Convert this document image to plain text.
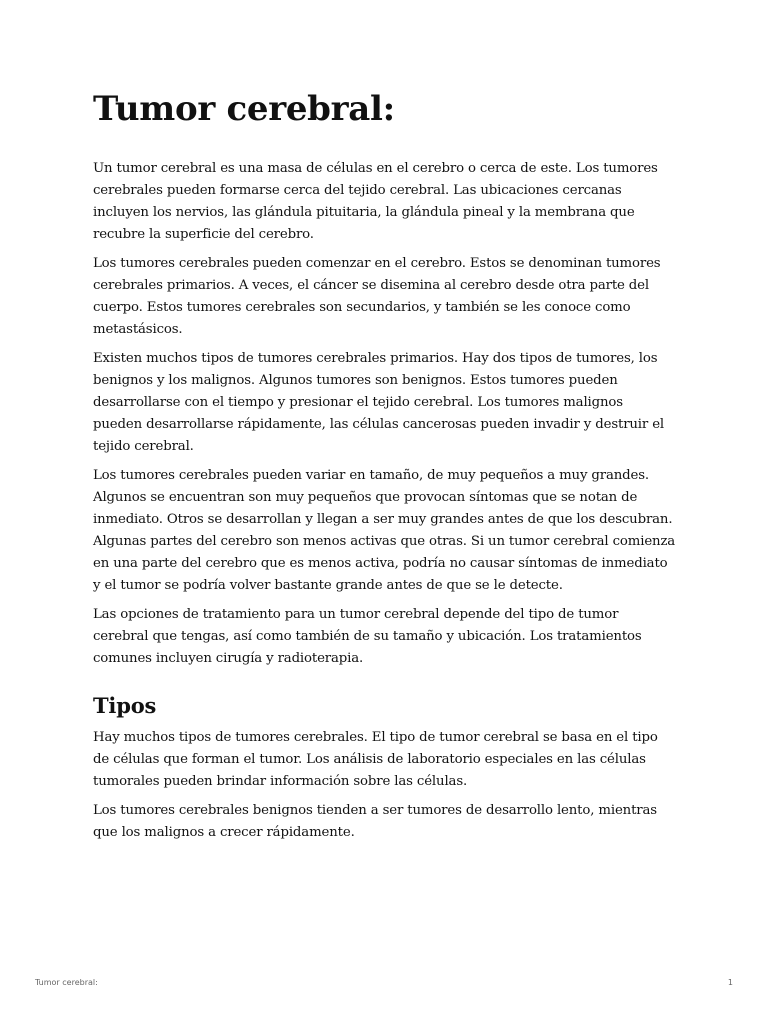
Tumor cerebral:

Un tumor cerebral es una masa de células en el cerebro o cerca de este. Los tumores cerebrales pueden formarse cerca del tejido cerebral. Las ubicaciones cercanas incluyen los nervios, las glándula pituitaria, la glándula pineal y la membrana que recubre la superficie del cerebro.

Los tumores cerebrales pueden comenzar en el cerebro. Estos se denominan tumores cerebrales primarios. A veces, el cáncer se disemina al cerebro desde otra parte del cuerpo. Estos tumores cerebrales son secundarios, y también se les conoce como metastásicos.

Existen muchos tipos de tumores cerebrales primarios. Hay dos tipos de tumores, los benignos y los malignos. Algunos tumores son benignos. Estos tumores pueden desarrollarse con el tiempo y presionar el tejido cerebral. Los tumores malignos pueden desarrollarse rápidamente, las células cancerosas pueden invadir y destruir el tejido cerebral.

Los tumores cerebrales pueden variar en tamaño, de muy pequeños a muy grandes. Algunos se encuentran son muy pequeños que provocan síntomas que se notan de inmediato. Otros se desarrollan y llegan a ser muy grandes antes de que los descubran. Algunas partes del cerebro son menos activas que otras. Si un tumor cerebral comienza en una parte del cerebro que es menos activa, podría no causar síntomas de inmediato y el tumor se podría volver bastante grande antes de que se le detecte.

Las opciones de tratamiento para un tumor cerebral depende del tipo de tumor cerebral que tengas, así como también de su tamaño y ubicación. Los tratamientos comunes incluyen cirugía y radioterapia.

Tipos

Hay muchos tipos de tumores cerebrales. El tipo de tumor cerebral se basa en el tipo de células que forman el tumor. Los análisis de laboratorio especiales en las células tumorales pueden brindar información sobre las células.

Los tumores cerebrales benignos tienden a ser tumores de desarrollo lento, mientras que los malignos a crecer rápidamente.

Tumor cerebral:	1
